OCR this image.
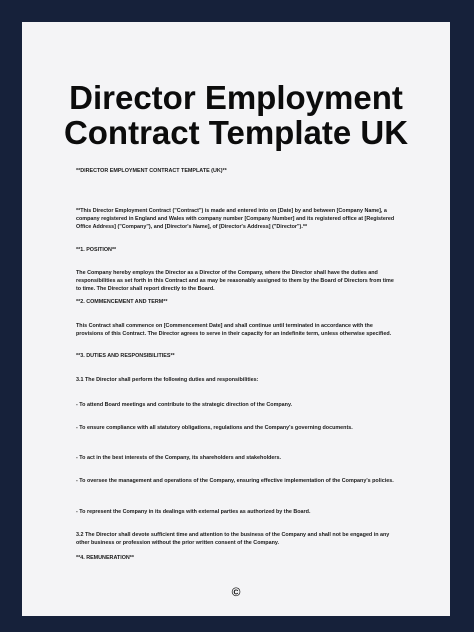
Director Employment
Contract Template UK

**DIRECTOR EMPLOYMENT CONTRACT TEMPLATE (UK)**

**This Director Employment Contract ("Contract") is made and entered into on [Date] by and between [Company Name], a company registered in England and Wales with company number [Company Number] and its registered office at [Registered Office Address] ("Company"), and [Director's Name], of [Director's Address] ("Director").**

**1. POSITION**

The Company hereby employs the Director as a Director of the Company, where the Director shall have the duties and responsibilities as set forth in this Contract and as may be reasonably assigned to them by the Board of Directors from time to time. The Director shall report directly to the Board.

**2. COMMENCEMENT AND TERM**

This Contract shall commence on [Commencement Date] and shall continue until terminated in accordance with the provisions of this Contract. The Director agrees to serve in their capacity for an indefinite term, unless otherwise specified.

**3. DUTIES AND RESPONSIBILITIES**

3.1 The Director shall perform the following duties and responsibilities:

- To attend Board meetings and contribute to the strategic direction of the Company.

- To ensure compliance with all statutory obligations, regulations and the Company's governing documents.

- To act in the best interests of the Company, its shareholders and stakeholders.

- To oversee the management and operations of the Company, ensuring effective implementation of the Company's policies.

- To represent the Company in its dealings with external parties as authorized by the Board.

3.2 The Director shall devote sufficient time and attention to the business of the Company and shall not be engaged in any other business or profession without the prior written consent of the Company.

**4. REMUNERATION**

©
